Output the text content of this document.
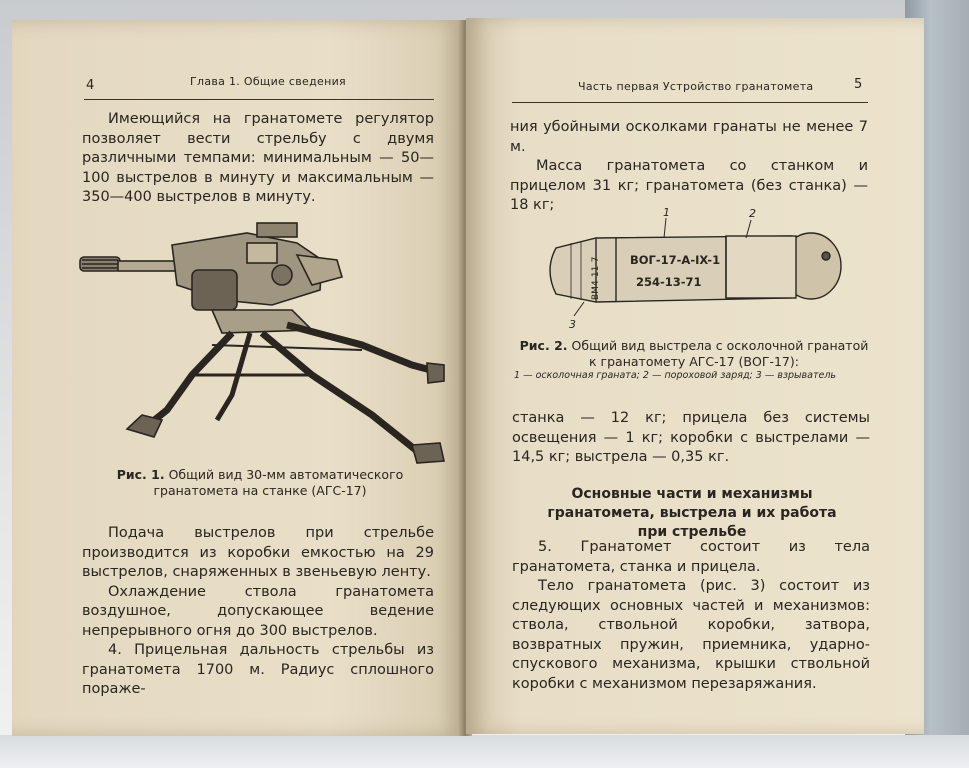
4	Глава 1. Общие сведения

Имеющийся на гранатомете регулятор позволяет вести стрельбу с двумя различными темпами: минимальным — 50—100 выстрелов в минуту и максимальным — 350—400 выстрелов в минуту.

Рис. 1. Общий вид 30-мм автоматического гранатомета на станке (АГС-17)

Подача выстрелов при стрельбе производится из коробки емкостью на 29 выстрелов, снаряженных в звеньевую ленту.

Охлаждение ствола гранатомета воздушное, допускающее ведение непрерывного огня до 300 выстрелов.

4. Прицельная дальность стрельбы из гранатомета 1700 м. Радиус сплошного пораже-

Часть первая Устройство гранатомета	5

ния убойными осколками гранаты не менее 7 м.

Масса гранатомета со станком и прицелом 31 кг; гранатомета (без станка) — 18 кг;

ВОГ-17-А-IX-1
254-13-71
ВМ4-11-7
1	2
3
Рис. 2. Общий вид выстрела с осколочной гранатой к гранатомету АГС-17 (ВОГ-17):
1 — осколочная граната; 2 — пороховой заряд; 3 — взрыватель

станка — 12 кг; прицела без системы освещения — 1 кг; коробки с выстрелами — 14,5 кг; выстрела — 0,35 кг.

Основные части и механизмы гранатомета, выстрела и их работа при стрельбе

5. Гранатомет состоит из тела гранатомета, станка и прицела.

Тело гранатомета (рис. 3) состоит из следующих основных частей и механизмов: ствола, ствольной коробки, затвора, возвратных пружин, приемника, ударно-спускового механизма, крышки ствольной коробки с механизмом перезаряжания.
